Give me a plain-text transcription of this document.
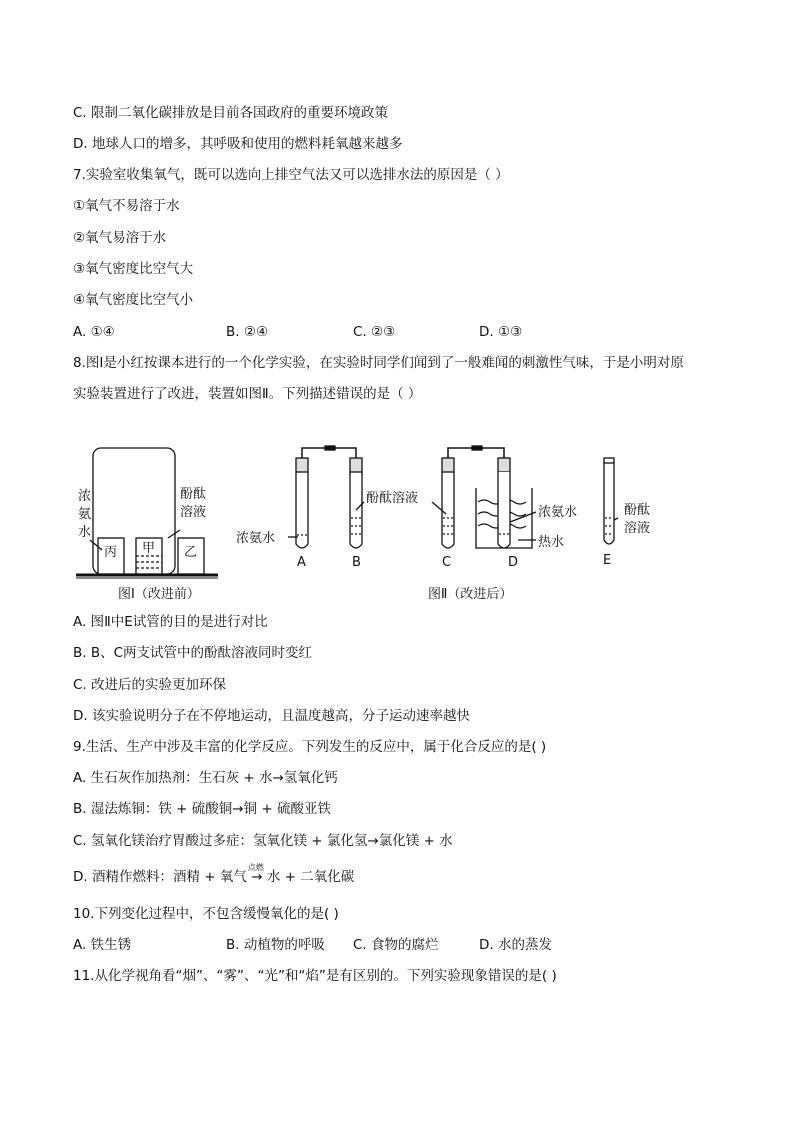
C. 限制二氧化碳排放是目前各国政府的重要环境政策
D. 地球人口的增多，其呼吸和使用的燃料耗氧越来越多
7.实验室收集氧气，既可以选向上排空气法又可以选排水法的原因是（ ）
①氧气不易溶于水
②氧气易溶于水
③氧气密度比空气大
④氧气密度比空气小
A. ①④	B. ②④	C. ②③	D. ①③
8.图Ⅰ是小红按课本进行的一个化学实验，在实验时同学们闻到了一般难闻的刺激性气味，于是小明对原
实验装置进行了改进，装置如图Ⅱ。下列描述错误的是（ ）
浓
氨
水
酚酞
溶液
丙 甲 乙
图Ⅰ（改进前）	图Ⅱ（改进后）
浓氨水
酚酞溶液
浓氨水
热水
酚酞
溶液
A	B	C	D	E
A. 图Ⅱ中E试管的目的是进行对比
B. B、C两支试管中的酚酞溶液同时变红
C. 改进后的实验更加环保
D. 该实验说明分子在不停地运动，且温度越高，分子运动速率越快
9.生活、生产中涉及丰富的化学反应。下列发生的反应中，属于化合反应的是( )
A. 生石灰作加热剂：生石灰 + 水→氢氧化钙
B. 湿法炼铜：铁 + 硫酸铜→铜 + 硫酸亚铁
C. 氢氧化镁治疗胃酸过多症：氢氧化镁 + 氯化氢→氯化镁 + 水
D. 酒精作燃料：酒精 + 氧气
点燃
→ 水 + 二氧化碳
10.下列变化过程中，不包含缓慢氧化的是( )
A. 铁生锈	B. 动植物的呼吸 C. 食物的腐烂	D. 水的蒸发
11.从化学视角看“烟”、“雾”、“光”和“焰”是有区别的。下列实验现象错误的是( )
